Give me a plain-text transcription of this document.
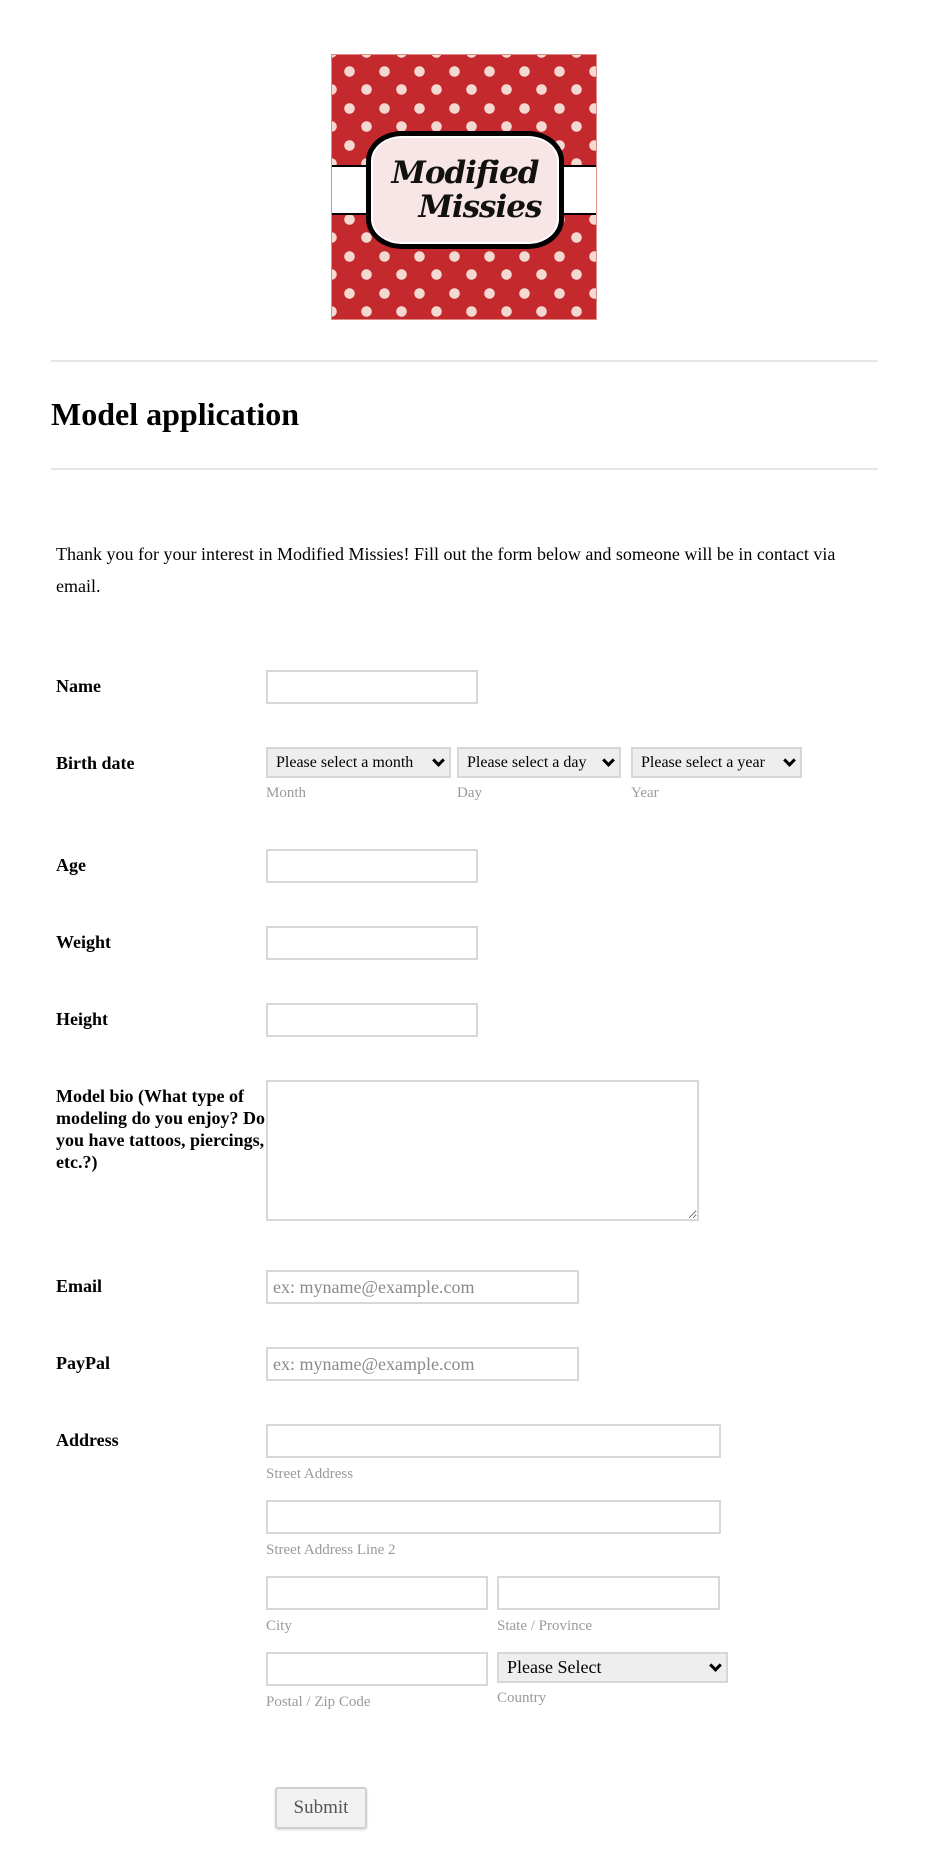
Modified
Missies
Model application
Thank you for your interest in Modified Missies! Fill out the form below and someone will be in contact via email.
Name
Birth date	Please select a month
Month
Please select a day
Day
Please select a year
Year
Age
Weight
Height
Model bio (What type of modeling do you enjoy? Do you have tattoos, piercings, etc.?)
Email
ex: myname@example.com
PayPal
ex: myname@example.com
Address
Street Address
Street Address Line 2
City	State / Province
Postal / Zip Code
Please Select
Country
Submit
